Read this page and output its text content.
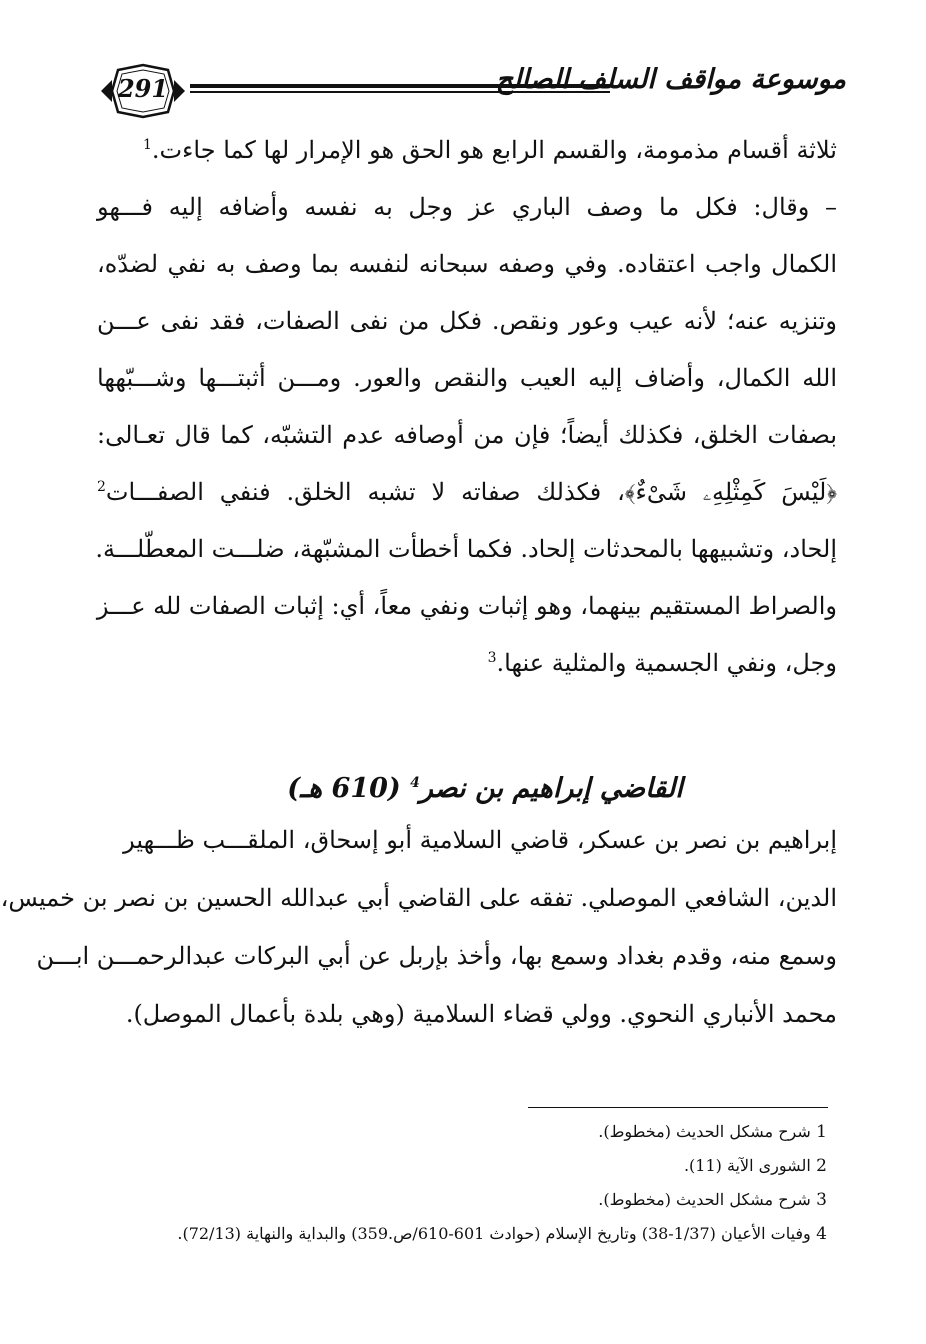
291	موسوعة مواقف السلف الصالح
ثلاثة أقسام مذمومة، والقسم الرابع هو الحق هو الإمرار لها كما جاءت.$^1$
– وقال: فكل ما وصف الباري عز وجل به نفسه وأضافه إليه فـــهو
الكمال واجب اعتقاده. وفي وصفه سبحانه لنفسه بما وصف به نفي لضدّه،
وتنزيه عنه؛ لأنه عيب وعور ونقص. فكل من نفى الصفات، فقد نفى عـــن
الله الكمال، وأضاف إليه العيب والنقص والعور. ومـــن أثبتـــها وشـــبّهها
بصفات الخلق، فكذلك أيضاً؛ فإن من أوصافه عدم التشبّه، كما قال تعـالى:
﴿لَيْسَ كَمِثْلِهِۦ شَىْءٌ﴾، فكذلك صفاته لا تشبه الخلق. فنفي الصفـــات$^2$
إلحاد، وتشبيهها بالمحدثات إلحاد. فكما أخطأت المشبّهة، ضلـــت المعطّلـــة.
والصراط المستقيم بينهما، وهو إثبات ونفي معاً، أي: إثبات الصفات لله عـــز
وجل، ونفي الجسمية والمثلية عنها.$^3$
القاضي إبراهيم بن نصر$^4$ (610 هـ)
إبراهيم بن نصر بن عسكر، قاضي السلامية أبو إسحاق، الملقـــب ظـــهير
الدين، الشافعي الموصلي. تفقه على القاضي أبي عبدالله الحسين بن نصر بن خميس،
وسمع منه، وقدم بغداد وسمع بها، وأخذ بإربل عن أبي البركات عبدالرحمـــن ابـــن
محمد الأنباري النحوي. وولي قضاء السلامية (وهي بلدة بأعمال الموصل).
1 شرح مشكل الحديث (مخطوط).
2 الشورى الآية (11).
3 شرح مشكل الحديث (مخطوط).
4 وفيات الأعيان (1/37-38) وتاريخ الإسلام (حوادث 601-610/ص.359) والبداية والنهاية (72/13).
